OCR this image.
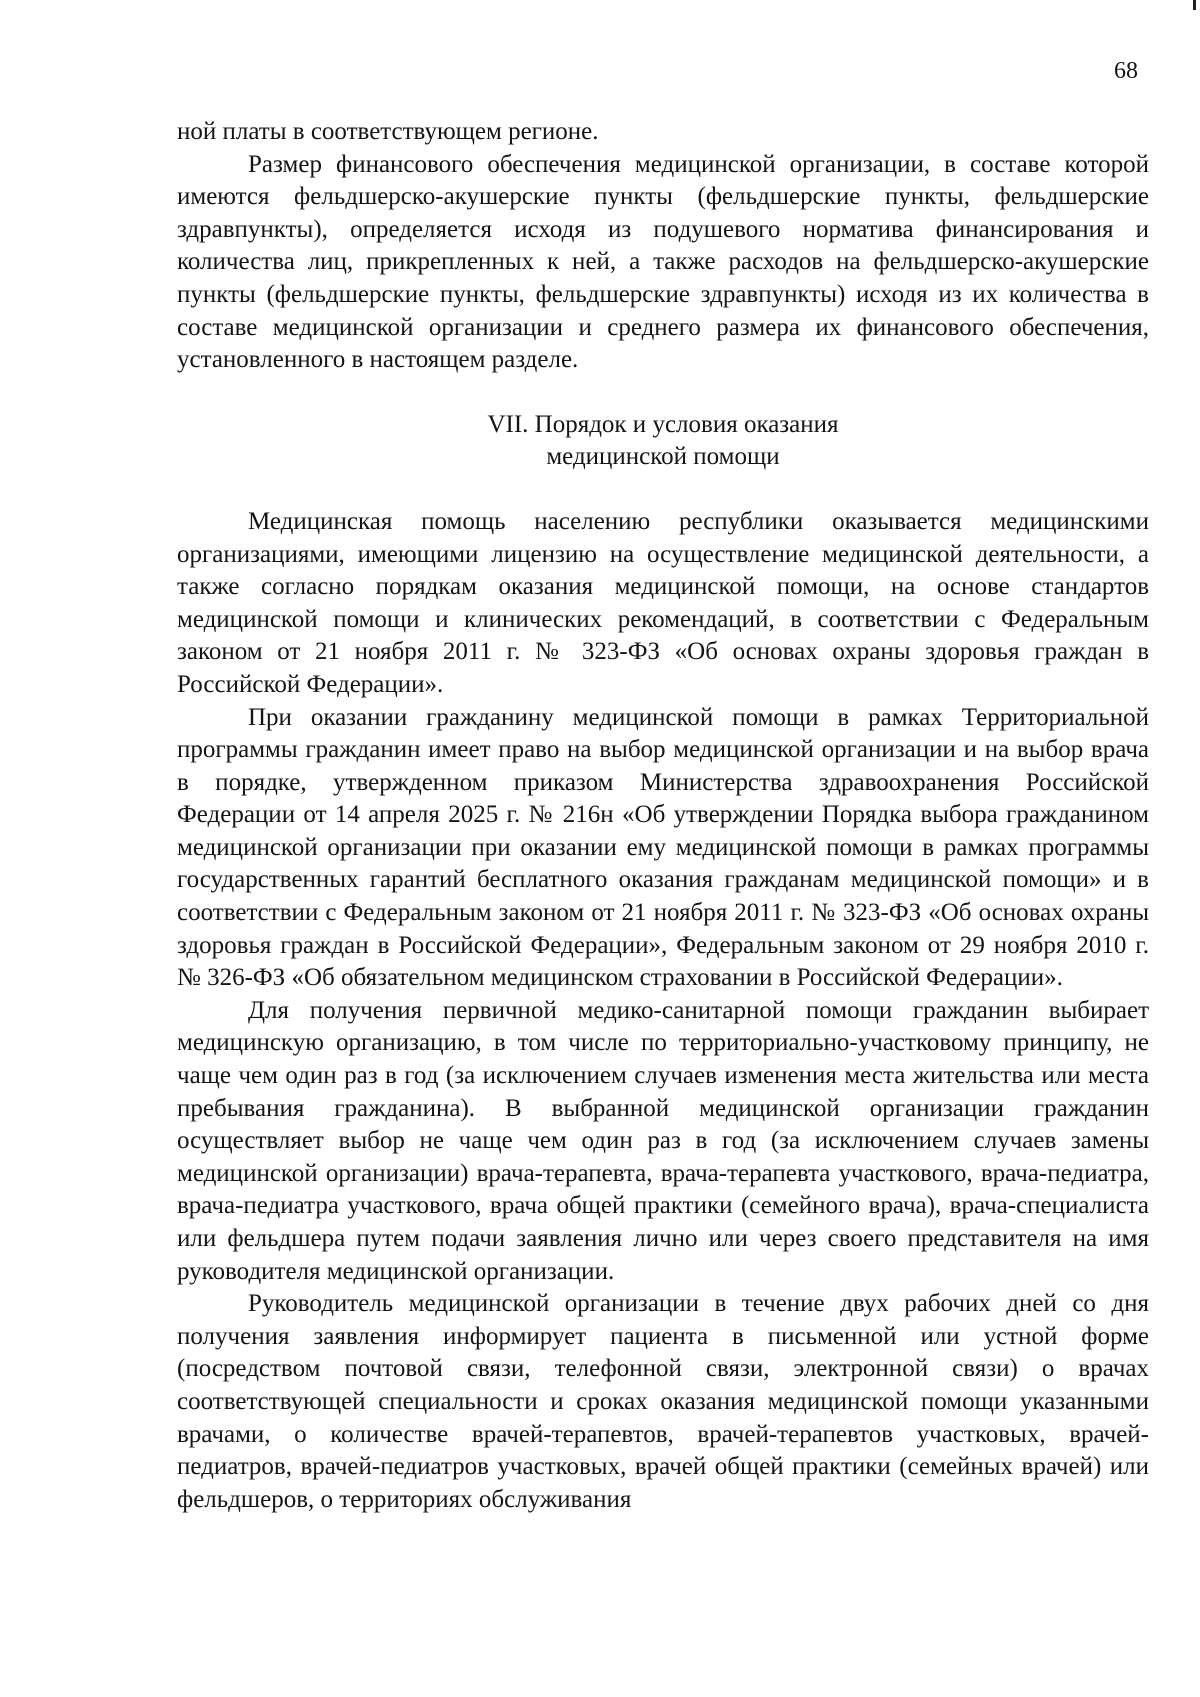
68

ной платы в соответствующем регионе.

Размер финансового обеспечения медицинской организации, в составе которой имеются фельдшерско-акушерские пункты (фельдшерские пункты, фельдшерские здравпункты), определяется исходя из подушевого норматива финансирования и количества лиц, прикрепленных к ней, а также расходов на фельдшерско-акушерские пункты (фельдшерские пункты, фельдшерские здравпункты) исходя из их количества в составе медицинской организации и среднего размера их финансового обеспечения, установленного в настоящем разделе.

VII. Порядок и условия оказания
медицинской помощи

Медицинская помощь населению республики оказывается медицинскими организациями, имеющими лицензию на осуществление медицинской деятельности, а также согласно порядкам оказания медицинской помощи, на основе стандартов медицинской помощи и клинических рекомендаций, в соответствии с Федеральным законом от 21 ноября 2011 г. № 323-ФЗ «Об основах охраны здоровья граждан в Российской Федерации».

При оказании гражданину медицинской помощи в рамках Территориальной программы гражданин имеет право на выбор медицинской организации и на выбор врача в порядке, утвержденном приказом Министерства здравоохранения Российской Федерации от 14 апреля 2025 г. № 216н «Об утверждении Порядка выбора гражданином медицинской организации при оказании ему медицинской помощи в рамках программы государственных гарантий бесплатного оказания гражданам медицинской помощи» и в соответствии с Федеральным законом от 21 ноября 2011 г. № 323-ФЗ «Об основах охраны здоровья граждан в Российской Федерации», Федеральным законом от 29 ноября 2010 г. № 326-ФЗ «Об обязательном медицинском страховании в Российской Федерации».

Для получения первичной медико-санитарной помощи гражданин выбирает медицинскую организацию, в том числе по территориально-участковому принципу, не чаще чем один раз в год (за исключением случаев изменения места жительства или места пребывания гражданина). В выбранной медицинской организации гражданин осуществляет выбор не чаще чем один раз в год (за исключением случаев замены медицинской организации) врача-терапевта, врача-терапевта участкового, врача-педиатра, врача-педиатра участкового, врача общей практики (семейного врача), врача-специалиста или фельдшера путем подачи заявления лично или через своего представителя на имя руководителя медицинской организации.

Руководитель медицинской организации в течение двух рабочих дней со дня получения заявления информирует пациента в письменной или устной форме (посредством почтовой связи, телефонной связи, электронной связи) о врачах соответствующей специальности и сроках оказания медицинской помощи указанными врачами, о количестве врачей-терапевтов, врачей-терапевтов участковых, врачей-педиатров, врачей-педиатров участковых, врачей общей практики (семейных врачей) или фельдшеров, о территориях обслуживания
